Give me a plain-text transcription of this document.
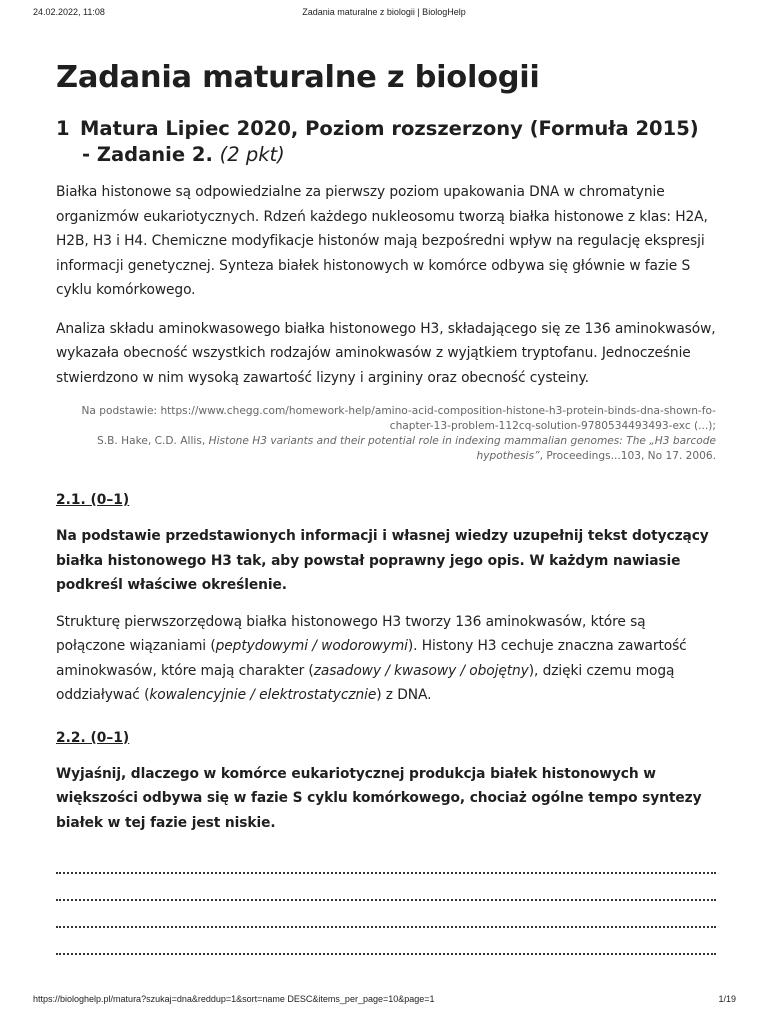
24.02.2022, 11:08	Zadania maturalne z biologii | BiologHelp
Zadania maturalne z biologii
1 Matura Lipiec 2020, Poziom rozszerzony (Formuła 2015)
- Zadanie 2. (2 pkt)

Białka histonowe są odpowiedzialne za pierwszy poziom upakowania DNA w chromatynie organizmów eukariotycznych. Rdzeń każdego nukleosomu tworzą białka histonowe z klas: H2A, H2B, H3 i H4. Chemiczne modyfikacje histonów mają bezpośredni wpływ na regulację ekspresji informacji genetycznej. Synteza białek histonowych w komórce odbywa się głównie w fazie S cyklu komórkowego.

Analiza składu aminokwasowego białka histonowego H3, składającego się ze 136 aminokwasów, wykazała obecność wszystkich rodzajów aminokwasów z wyjątkiem tryptofanu. Jednocześnie stwierdzono w nim wysoką zawartość lizyny i argininy oraz obecność cysteiny.

Na podstawie: https://www.chegg.com/homework-help/amino-acid-composition-histone-h3-protein-binds-dna-shown-fo-chapter-13-problem-112cq-solution-9780534493493-exc (...);

S.B. Hake, C.D. Allis, Histone H3 variants and their potential role in indexing mammalian genomes: The „H3 barcode hypothesis”, Proceedings...103, No 17. 2006.

2.1. (0–1)

Na podstawie przedstawionych informacji i własnej wiedzy uzupełnij tekst dotyczący białka histonowego H3 tak, aby powstał poprawny jego opis. W każdym nawiasie podkreśl właściwe określenie.

Strukturę pierwszorzędową białka histonowego H3 tworzy 136 aminokwasów, które są połączone wiązaniami (peptydowymi / wodorowymi). Histony H3 cechuje znaczna zawartość aminokwasów, które mają charakter (zasadowy / kwasowy / obojętny), dzięki czemu mogą oddziaływać (kowalencyjnie / elektrostatycznie) z DNA.

2.2. (0–1)

Wyjaśnij, dlaczego w komórce eukariotycznej produkcja białek histonowych w większości odbywa się w fazie S cyklu komórkowego, chociaż ogólne tempo syntezy białek w tej fazie jest niskie.

https://biologhelp.pl/matura?szukaj=dna&reddup=1&sort=name DESC&items_per_page=10&page=1	1/19
